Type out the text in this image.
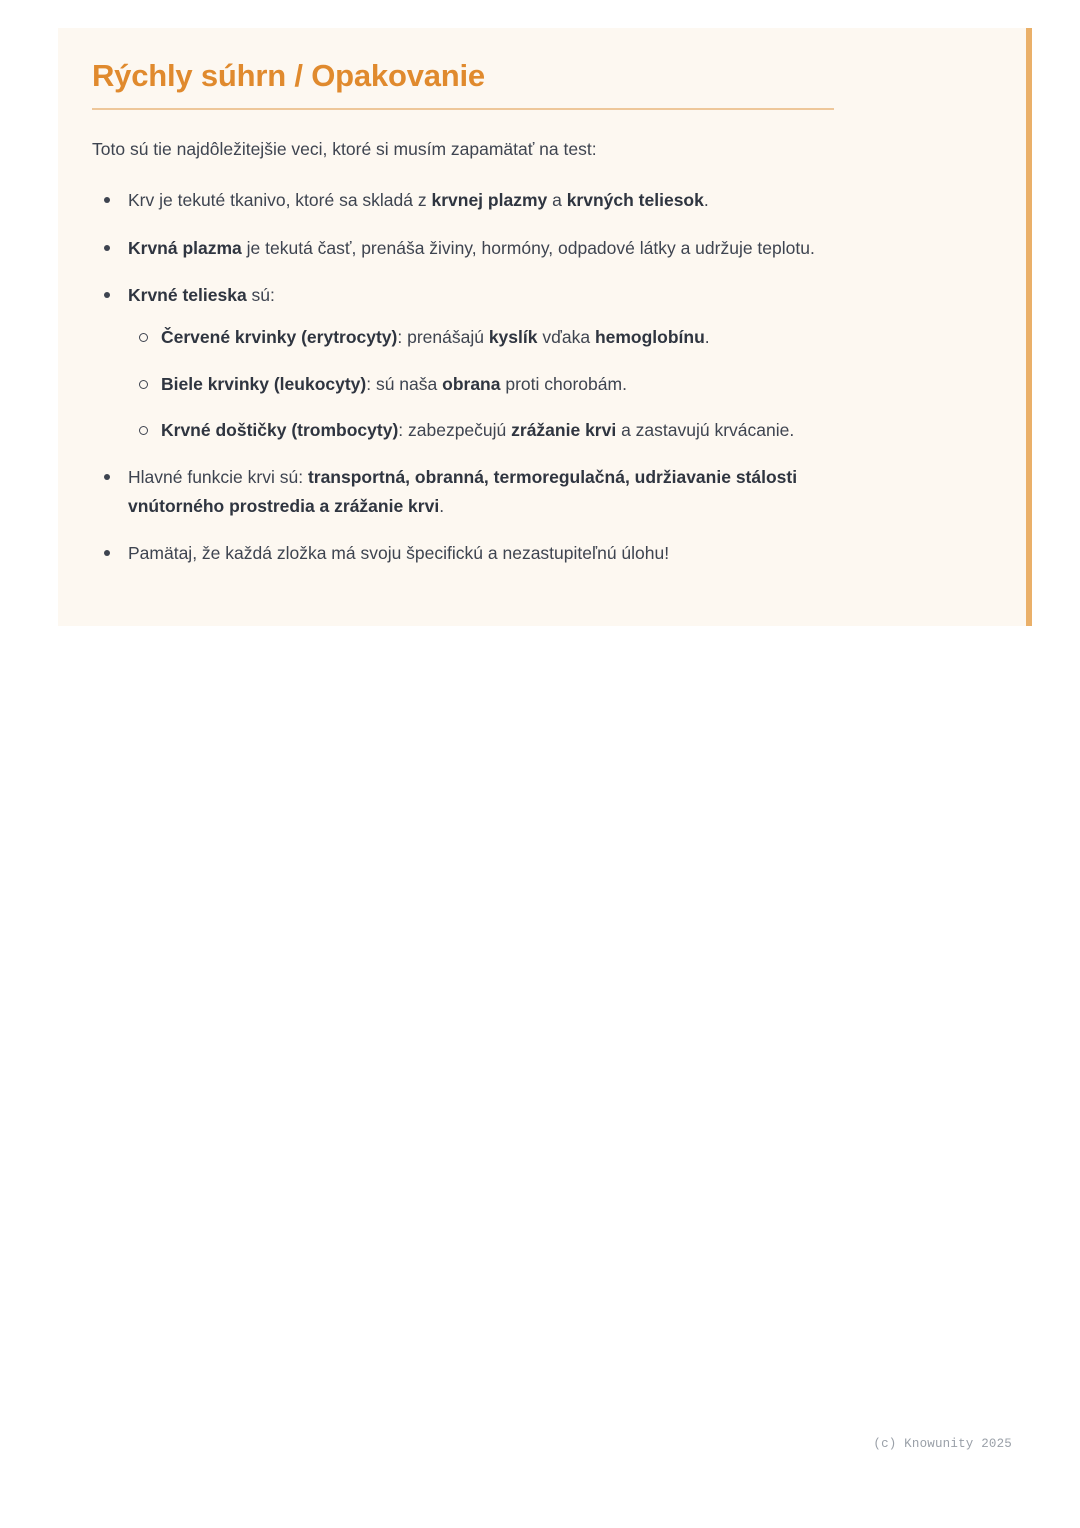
Rýchly súhrn / Opakovanie

Toto sú tie najdôležitejšie veci, ktoré si musím zapamätať na test:

Krv je tekuté tkanivo, ktoré sa skladá z krvnej plazmy a krvných teliesok.
Krvná plazma je tekutá časť, prenáša živiny, hormóny, odpadové látky a udržuje teplotu.
Krvné telieska sú:
Červené krvinky (erytrocyty): prenášajú kyslík vďaka hemoglobínu.
Biele krvinky (leukocyty): sú naša obrana proti chorobám.
Krvné doštičky (trombocyty): zabezpečujú zrážanie krvi a zastavujú krvácanie.
Hlavné funkcie krvi sú: transportná, obranná, termoregulačná, udržiavanie stálosti vnútorného prostredia a zrážanie krvi.
Pamätaj, že každá zložka má svoju špecifickú a nezastupiteľnú úlohu!
(c) Knowunity 2025
